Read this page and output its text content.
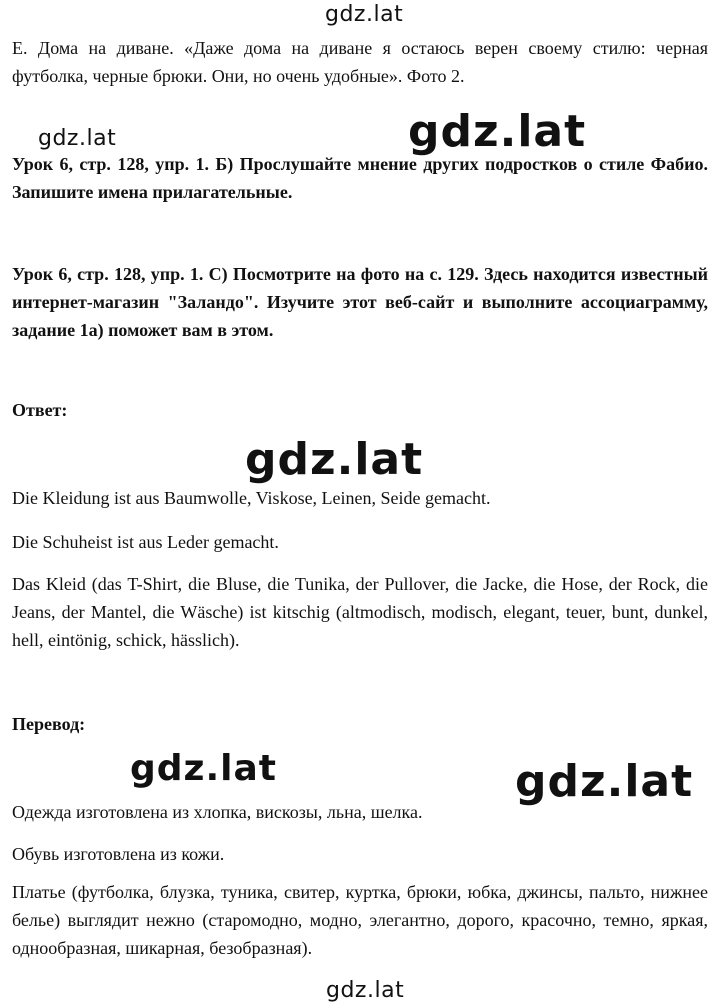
gdz.lat
gdz.lat	gdz.lat
gdz.lat
gdz.lat	gdz.lat
gdz.lat
Е. Дома на диване. «Даже дома на диване я остаюсь верен своему стилю: черная футболка, черные брюки. Они, но очень удобные». Фото 2.
Урок 6, стр. 128, упр. 1. Б) Прослушайте мнение других подростков о стиле Фабио. Запишите имена прилагательные.
Урок 6, стр. 128, упр. 1. C) Посмотрите на фото на с. 129. Здесь находится известный интернет-магазин "Заландо". Изучите этот веб-сайт и выполните ассоциаграмму, задание 1а) поможет вам в этом.
Ответ:
Die Kleidung ist aus Baumwolle, Viskose, Leinen, Seide gemacht.
Die Schuheist ist aus Leder gemacht.
Das Kleid (das T-Shirt, die Bluse, die Tunika, der Pullover, die Jacke, die Hose, der Rock, die Jeans, der Mantel, die Wäsche) ist kitschig (altmodisch, modisch, elegant, teuer, bunt, dunkel, hell, eintönig, schick, hässlich).
Перевод:
Одежда изготовлена из хлопка, вискозы, льна, шелка.
Обувь изготовлена из кожи.
Платье (футболка, блузка, туника, свитер, куртка, брюки, юбка, джинсы, пальто, нижнее белье) выглядит нежно (старомодно, модно, элегантно, дорого, красочно, темно, яркая, однообразная, шикарная, безобразная).
